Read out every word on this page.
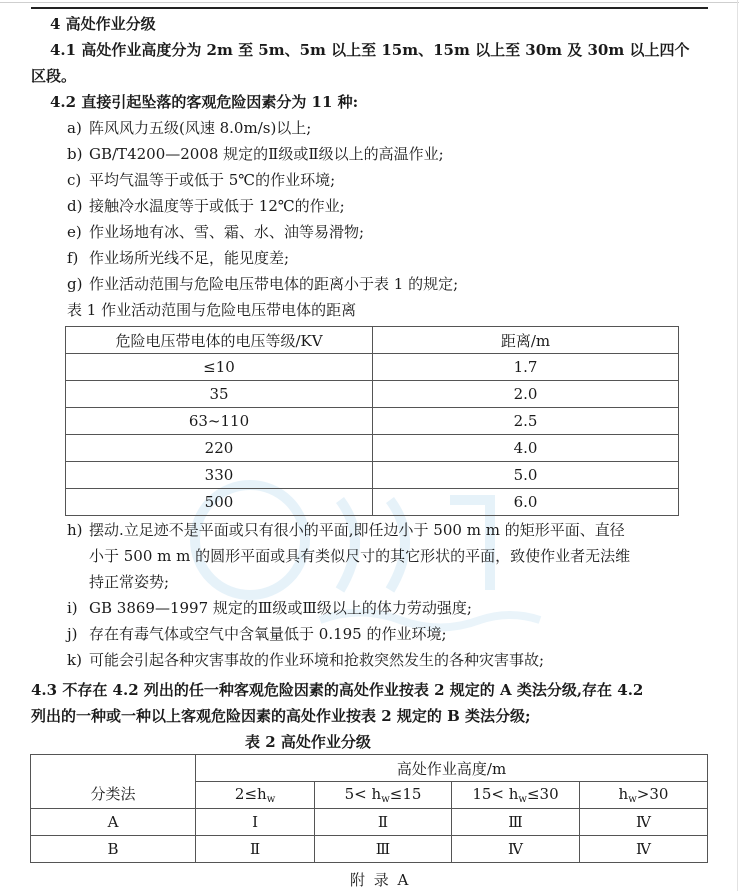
4 高处作业分级
4.1 高处作业高度分为 2m 至 5m、5m 以上至 15m、15m 以上至 30m 及 30m 以上四个
区段。
4.2 直接引起坠落的客观危险因素分为 11 种:
a) 阵风风力五级(风速 8.0m/s)以上;
b) GB/T4200—2008 规定的Ⅱ级或Ⅱ级以上的高温作业;
c) 平均气温等于或低于 5℃的作业环境;
d) 接触冷水温度等于或低于 12℃的作业;
e) 作业场地有冰、雪、霜、水、油等易滑物;
f) 作业场所光线不足，能见度差;
g) 作业活动范围与危险电压带电体的距离小于表 1 的规定;
表 1 作业活动范围与危险电压带电体的距离
危险电压带电体的电压等级/KV	距离/m
≤10	1.7
35	2.0
63~110	2.5
220	4.0
330	5.0
500	6.0
h) 摆动.立足迹不是平面或只有很小的平面,即任边小于 500 m m 的矩形平面、直径
小于 500 m m 的圆形平面或具有类似尺寸的其它形状的平面，致使作业者无法维
持正常姿势;
i) GB 3869—1997 规定的Ⅲ级或Ⅲ级以上的体力劳动强度;
j) 存在有毒气体或空气中含氧量低于 0.195 的作业环境;
k) 可能会引起各种灾害事故的作业环境和抢救突然发生的各种灾害事故;
4.3 不存在 4.2 列出的任一种客观危险因素的高处作业按表 2 规定的 A 类法分级,存在 4.2
列出的一种或一种以上客观危险因素的高处作业按表 2 规定的 B 类法分级;
表 2 高处作业分级
分类法	高处作业高度/m			
	$2\le h_w$	$5< h_w\le 15$	$15< h_w\le 30$	$h_w>30$
A	Ⅰ	Ⅱ	Ⅲ	Ⅳ
B	Ⅱ	Ⅲ	Ⅳ	Ⅳ
附 录 A
